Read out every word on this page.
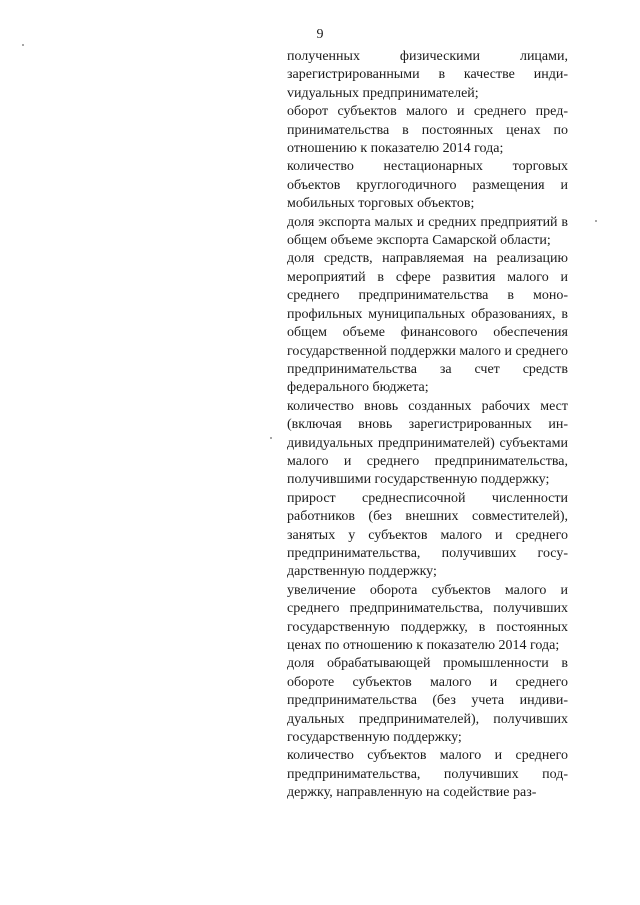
9

полученных физическими лицами, зарегистрированными в качестве индиvидуальных предпринимателей;

оборот субъектов малого и среднего предпринимательства в постоянных ценах по отношению к показателю 2014 года;

количество нестационарных торговых объектов круглогодичного размещения и мобильных торговых объектов;

доля экспорта малых и средних предприятий в общем объеме экспорта Самарской области;

доля средств, направляемая на реализацию мероприятий в сфере развития малого и среднего предпринимательства в монопрофильных муниципальных образованиях, в общем объеме финансового обеспечения государственной поддержки малого и среднего предпринимательства за счет средств федерального бюджета;

количество вновь созданных рабочих мест (включая вновь зарегистрированных индивидуальных предпринимателей) субъектами малого и среднего предпринимательства, получившими государственную поддержку;

прирост среднесписочной численности работников (без внешних совместителей), занятых у субъектов малого и среднего предпринимательства, получивших государственную поддержку;

увеличение оборота субъектов малого и среднего предпринимательства, получивших государственную поддержку, в постоянных ценах по отношению к показателю 2014 года;

доля обрабатывающей промышленности в обороте субъектов малого и среднего предпринимательства (без учета индивидуальных предпринимателей), получивших государственную поддержку;

количество субъектов малого и среднего предпринимательства, получивших поддержку, направленную на содействие раз-
